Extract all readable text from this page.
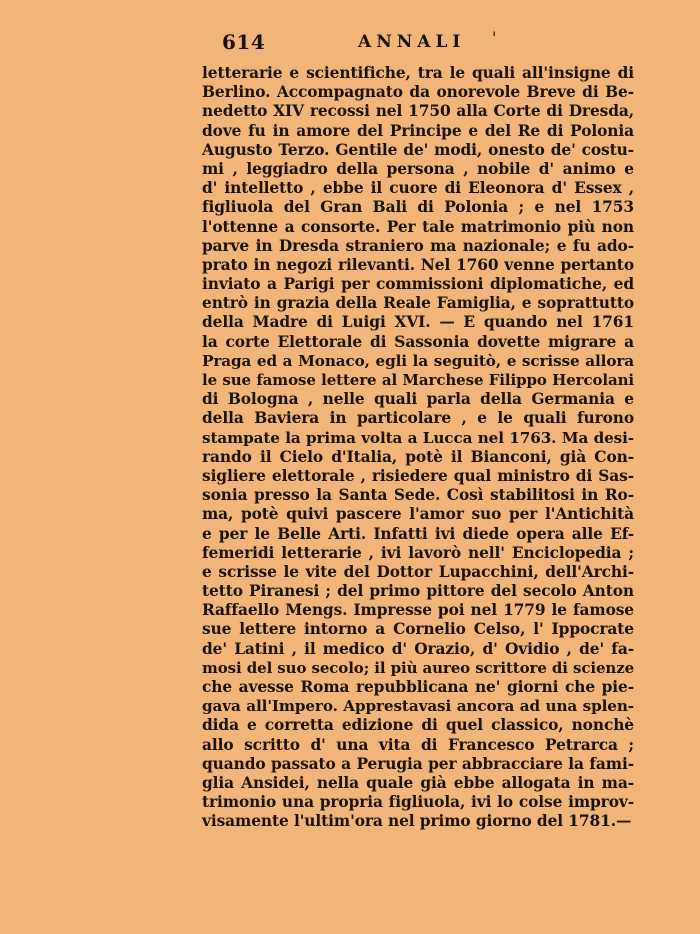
614	ANNALI '
letterarie e scientifiche, tra le quali all'insigne di
Berlino. Accompagnato da onorevole Breve di Be-
nedetto XIV recossi nel 1750 alla Corte di Dresda,
dove fu in amore del Principe e del Re di Polonia
Augusto Terzo. Gentile de' modi, onesto de' costu-
mi , leggiadro della persona , nobile d' animo e
d' intelletto , ebbe il cuore di Eleonora d' Essex ,
figliuola del Gran Bali di Polonia ; e nel 1753
l'ottenne a consorte. Per tale matrimonio più non
parve in Dresda straniero ma nazionale; e fu ado-
prato in negozi rilevanti. Nel 1760 venne pertanto
inviato a Parigi per commissioni diplomatiche, ed
entrò in grazia della Reale Famiglia, e soprattutto
della Madre di Luigi XVI. — E quando nel 1761
la corte Elettorale di Sassonia dovette migrare a
Praga ed a Monaco, egli la seguitò, e scrisse allora
le sue famose lettere al Marchese Filippo Hercolani
di Bologna , nelle quali parla della Germania e
della Baviera in particolare , e le quali furono
stampate la prima volta a Lucca nel 1763. Ma desi-
rando il Cielo d'Italia, potè il Bianconi, già Con-
sigliere elettorale , risiedere qual ministro di Sas-
sonia presso la Santa Sede. Così stabilitosi in Ro-
ma, potè quivi pascere l'amor suo per l'Antichità
e per le Belle Arti. Infatti ivi diede opera alle Ef-
femeridi letterarie , ivi lavorò nell' Enciclopedia ;
e scrisse le vite del Dottor Lupacchini, dell'Archi-
tetto Piranesi ; del primo pittore del secolo Anton
Raffaello Mengs. Impresse poi nel 1779 le famose
sue lettere intorno a Cornelio Celso, l' Ippocrate
de' Latini , il medico d' Orazio, d' Ovidio , de' fa-
mosi del suo secolo; il più aureo scrittore di scienze
che avesse Roma repubblicana ne' giorni che pie-
gava all'Impero. Apprestavasi ancora ad una splen-
dida e corretta edizione di quel classico, nonchè
allo scritto d' una vita di Francesco Petrarca ;
quando passato a Perugia per abbracciare la fami-
glia Ansidei, nella quale già ebbe allogata in ma-
trimonio una propria figliuola, ivi lo colse improv-
visamente l'ultim'ora nel primo giorno del 1781.—
